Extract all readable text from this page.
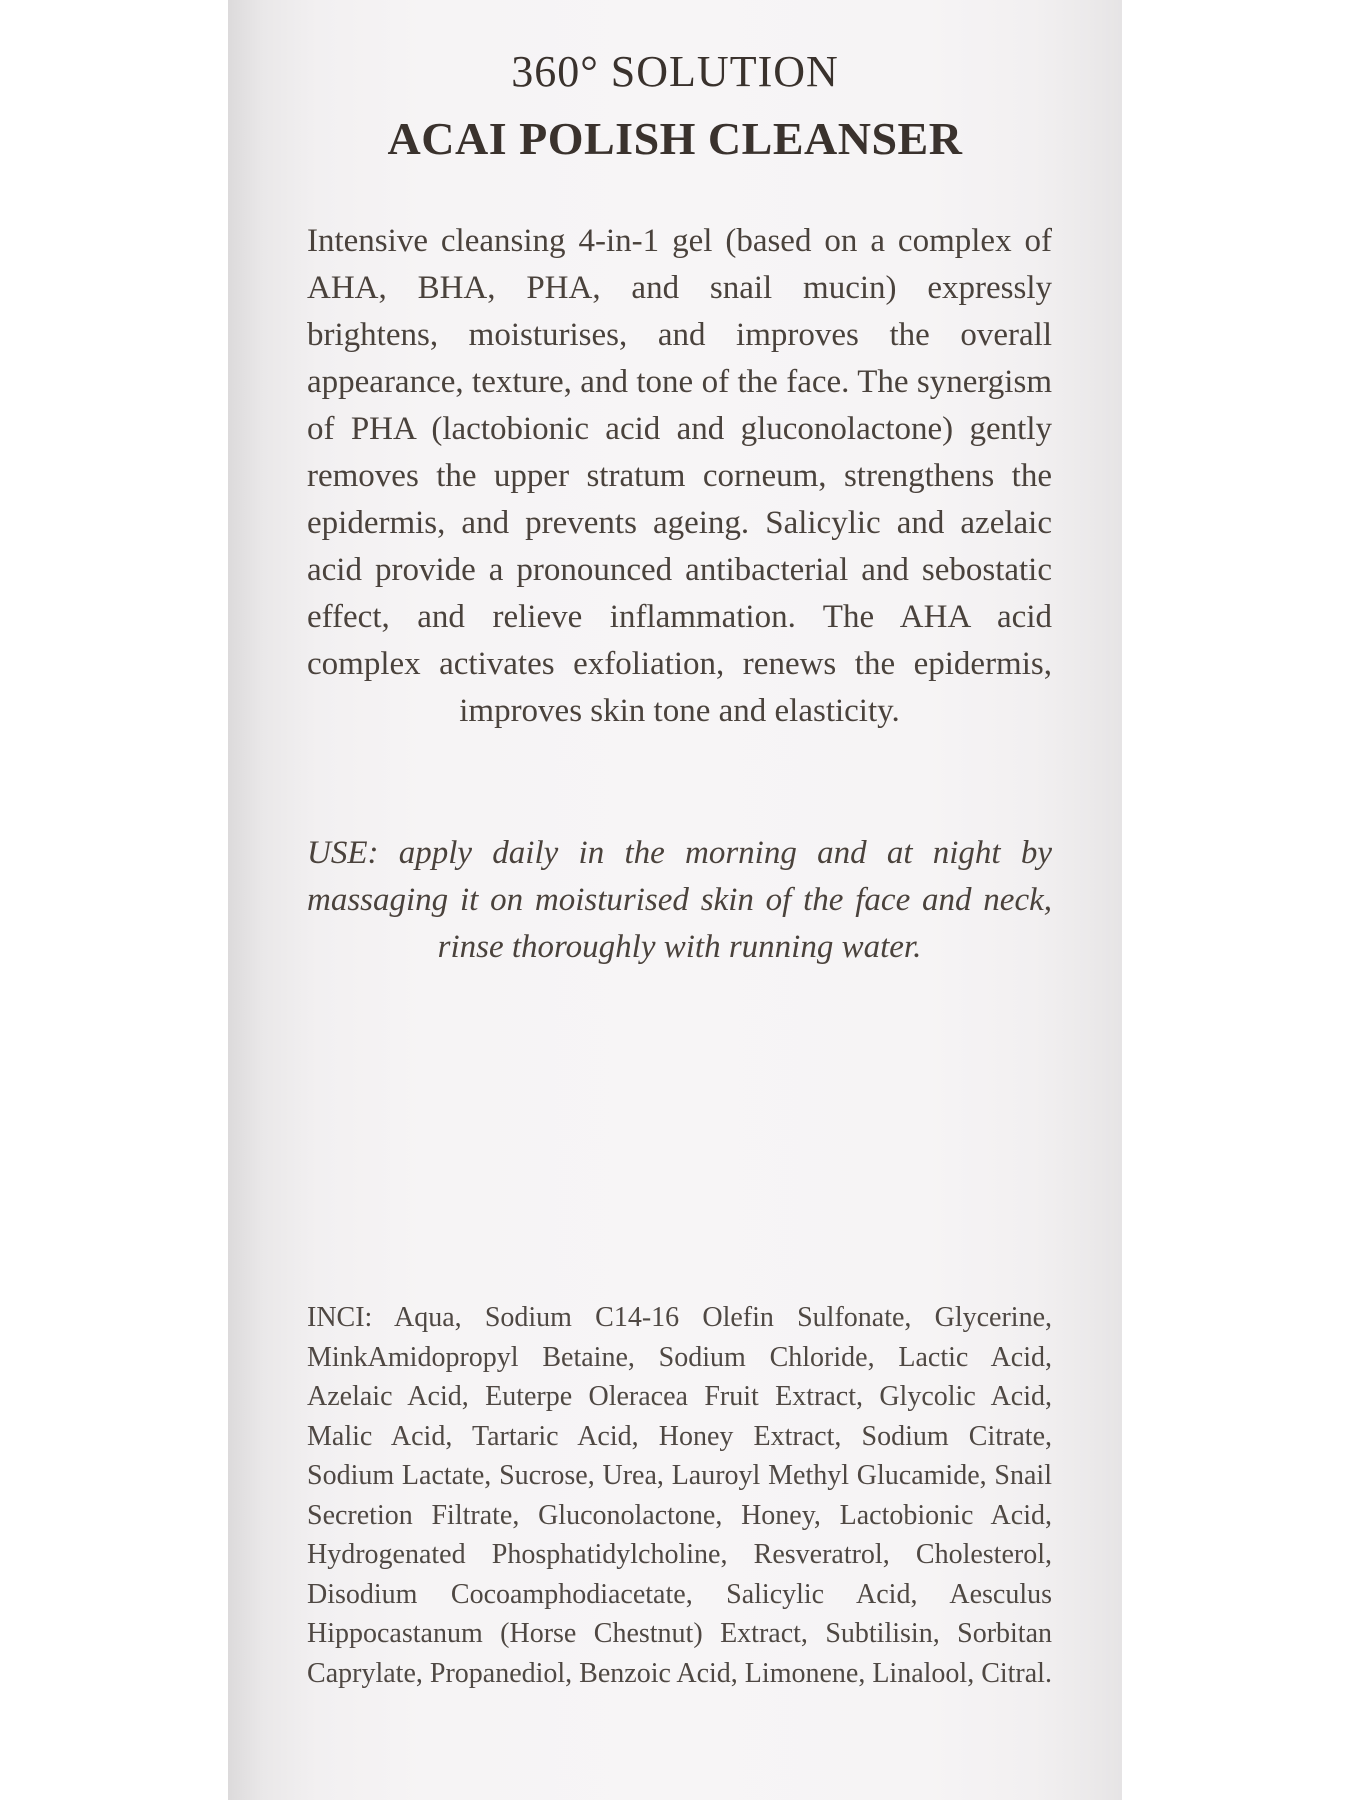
360° SOLUTION
ACAI POLISH CLEANSER
Intensive cleansing 4-in-1 gel (based on a complex of AHA, BHA, PHA, and snail mucin) expressly brightens, moisturises, and improves the overall appearance, texture, and tone of the face. The synergism of PHA (lactobionic acid and gluconolactone) gently removes the upper stratum corneum, strengthens the epidermis, and prevents ageing. Salicylic and azelaic acid provide a pronounced antibacterial and sebostatic effect, and relieve inflammation. The AHA acid complex activates exfoliation, renews the epidermis, improves skin tone and elasticity.
USE: apply daily in the morning and at night by massaging it on moisturised skin of the face and neck, rinse thoroughly with running water.
INCI: Aqua, Sodium C14-16 Olefin Sulfonate, Glycerine, MinkAmidopropyl Betaine, Sodium Chloride, Lactic Acid, Azelaic Acid, Euterpe Oleracea Fruit Extract, Glycolic Acid, Malic Acid, Tartaric Acid, Honey Extract, Sodium Citrate, Sodium Lactate, Sucrose, Urea, Lauroyl Methyl Glucamide, Snail Secretion Filtrate, Gluconolactone, Honey, Lactobionic Acid, Hydrogenated Phosphatidylcholine, Resveratrol, Cholesterol, Disodium Cocoamphodiacetate, Salicylic Acid, Aesculus Hippocastanum (Horse Chestnut) Extract, Subtilisin, Sorbitan Caprylate, Propanediol, Benzoic Acid, Limonene, Linalool, Citral.
